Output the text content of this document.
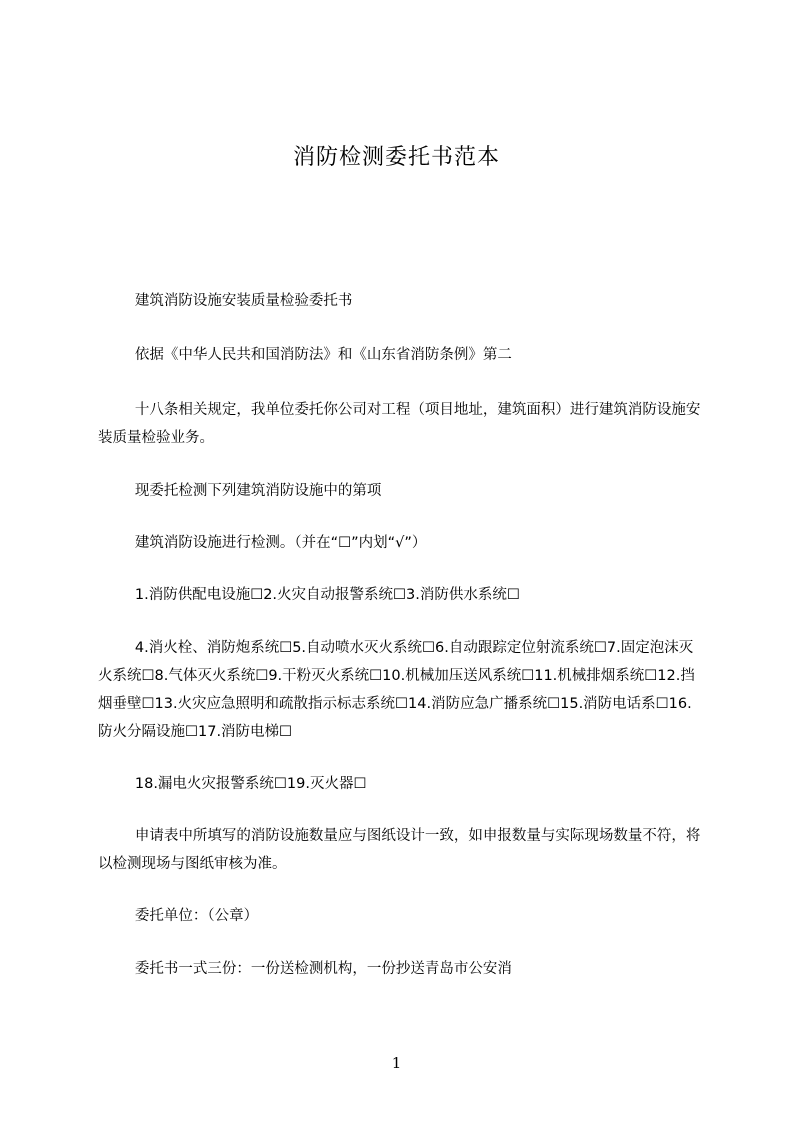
消防检测委托书范本
建筑消防设施安装质量检验委托书
依据《中华人民共和国消防法》和《山东省消防条例》第二
十八条相关规定，我单位委托你公司对工程（项目地址，建筑面积）进行建筑消防设施安装质量检验业务。
现委托检测下列建筑消防设施中的第项
建筑消防设施进行检测。（并在“☐”内划“√”）
1.消防供配电设施☐2.火灾自动报警系统☐3.消防供水系统☐
4.消火栓、消防炮系统☐5.自动喷水灭火系统☐6.自动跟踪定位射流系统☐7.固定泡沫灭火系统☐8.气体灭火系统☐9.干粉灭火系统☐10.机械加压送风系统☐11.机械排烟系统☐12.挡烟垂壁☐13.火灾应急照明和疏散指示标志系统☐14.消防应急广播系统☐15.消防电话系☐16.防火分隔设施☐17.消防电梯☐
18.漏电火灾报警系统☐19.灭火器☐
申请表中所填写的消防设施数量应与图纸设计一致，如申报数量与实际现场数量不符，将以检测现场与图纸审核为准。
委托单位：（公章）
委托书一式三份：一份送检测机构，一份抄送青岛市公安消
1
